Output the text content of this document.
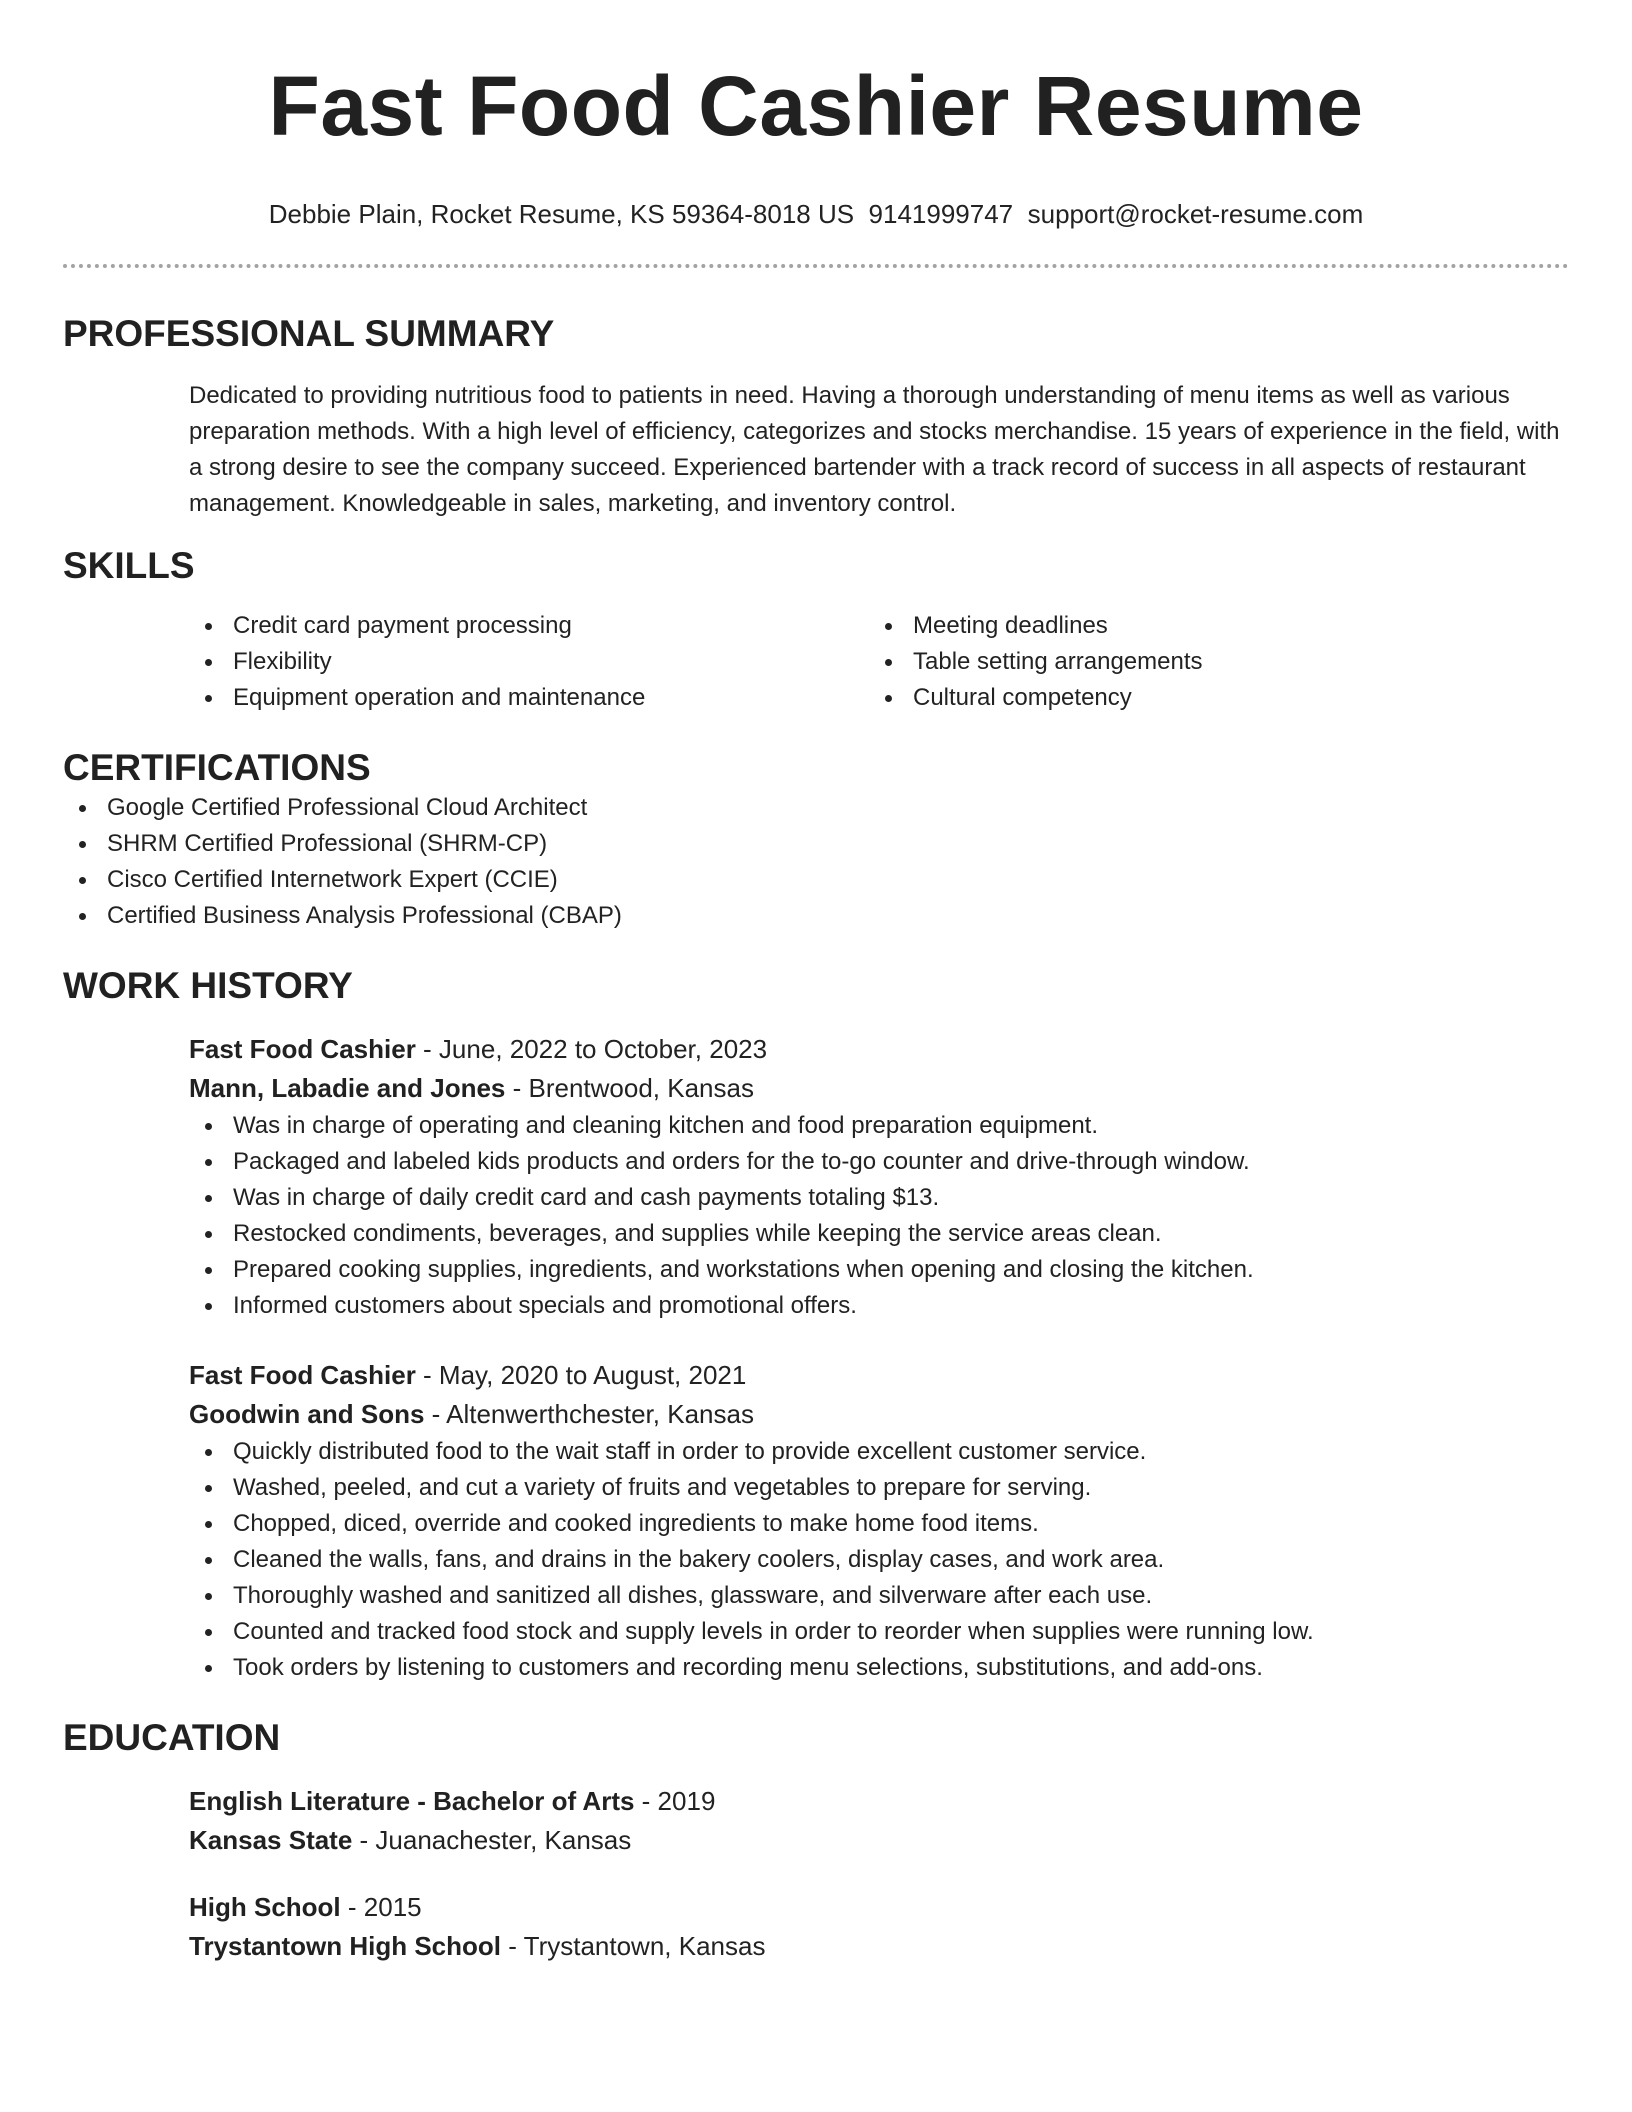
Fast Food Cashier Resume
Debbie Plain, Rocket Resume, KS 59364-8018 US 9141999747 support@rocket-resume.com
PROFESSIONAL SUMMARY

Dedicated to providing nutritious food to patients in need. Having a thorough understanding of menu items as well as various preparation methods. With a high level of efficiency, categorizes and stocks merchandise. 15 years of experience in the field, with a strong desire to see the company succeed. Experienced bartender with a track record of success in all aspects of restaurant management. Knowledgeable in sales, marketing, and inventory control.

SKILLS
Credit card payment processing
Flexibility
Equipment operation and maintenance
Meeting deadlines
Table setting arrangements
Cultural competency
CERTIFICATIONS
Google Certified Professional Cloud Architect
SHRM Certified Professional (SHRM-CP)
Cisco Certified Internetwork Expert (CCIE)
Certified Business Analysis Professional (CBAP)
WORK HISTORY
Fast Food Cashier - June, 2022 to October, 2023
Mann, Labadie and Jones - Brentwood, Kansas
Was in charge of operating and cleaning kitchen and food preparation equipment.
Packaged and labeled kids products and orders for the to-go counter and drive-through window.
Was in charge of daily credit card and cash payments totaling $13.
Restocked condiments, beverages, and supplies while keeping the service areas clean.
Prepared cooking supplies, ingredients, and workstations when opening and closing the kitchen.
Informed customers about specials and promotional offers.
Fast Food Cashier - May, 2020 to August, 2021
Goodwin and Sons - Altenwerthchester, Kansas
Quickly distributed food to the wait staff in order to provide excellent customer service.
Washed, peeled, and cut a variety of fruits and vegetables to prepare for serving.
Chopped, diced, override and cooked ingredients to make home food items.
Cleaned the walls, fans, and drains in the bakery coolers, display cases, and work area.
Thoroughly washed and sanitized all dishes, glassware, and silverware after each use.
Counted and tracked food stock and supply levels in order to reorder when supplies were running low.
Took orders by listening to customers and recording menu selections, substitutions, and add-ons.
EDUCATION
English Literature - Bachelor of Arts - 2019
Kansas State - Juanachester, Kansas
High School - 2015
Trystantown High School - Trystantown, Kansas
